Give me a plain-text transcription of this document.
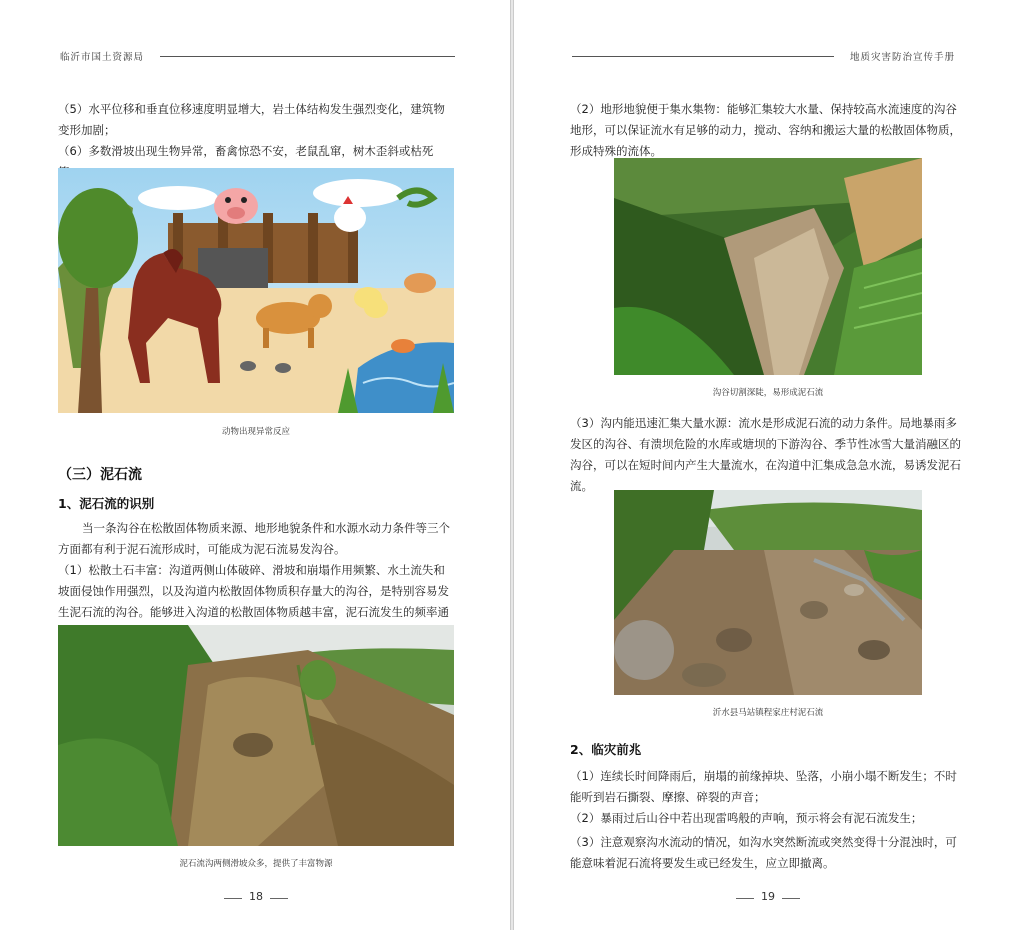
临沂市国土资源局

（5）水平位移和垂直位移速度明显增大，岩土体结构发生强烈变化，建筑物变形加剧；

（6）多数滑坡出现生物异常，畜禽惊恐不安，老鼠乱窜，树木歪斜或枯死

动物出现异常反应
（三）泥石流
1、泥石流的识别

当一条沟谷在松散固体物质来源、地形地貌条件和水源水动力条件等三个方面都有利于泥石流形成时，可能成为泥石流易发沟谷。

（1）松散土石丰富：沟道两侧山体破碎、滑坡和崩塌作用频繁、水土流失和坡面侵蚀作用强烈，以及沟道内松散固体物质积存量大的沟谷，是特别容易发生泥石流的沟谷。能够进入沟道的松散固体物质越丰富，泥石流发生的频率通

泥石流沟两侧滑坡众多，提供了丰富物源
18
地质灾害防治宣传手册

（2）地形地貌便于集水集物：能够汇集较大水量、保持较高水流速度的沟谷地形，可以保证流水有足够的动力，搅动、容纳和搬运大量的松散固体物质，形成特殊的流体。

沟谷切割深陡，易形成泥石流

（3）沟内能迅速汇集大量水源：流水是形成泥石流的动力条件。局地暴雨多发区的沟谷、有溃坝危险的水库或塘坝的下游沟谷、季节性冰雪大量消融区的沟谷，可以在短时间内产生大量流水，在沟道中汇集成急急水流，易诱发泥石流。

沂水县马站镇程家庄村泥石流
2、临灾前兆

（1）连续长时间降雨后，崩塌的前缘掉块、坠落，小崩小塌不断发生；不时能听到岩石撕裂、摩擦、碎裂的声音；

（2）暴雨过后山谷中若出现雷鸣般的声响，预示将会有泥石流发生；

（3）注意观察沟水流动的情况，如沟水突然断流或突然变得十分混浊时，可能意味着泥石流将要发生或已经发生，应立即撤离。

19
